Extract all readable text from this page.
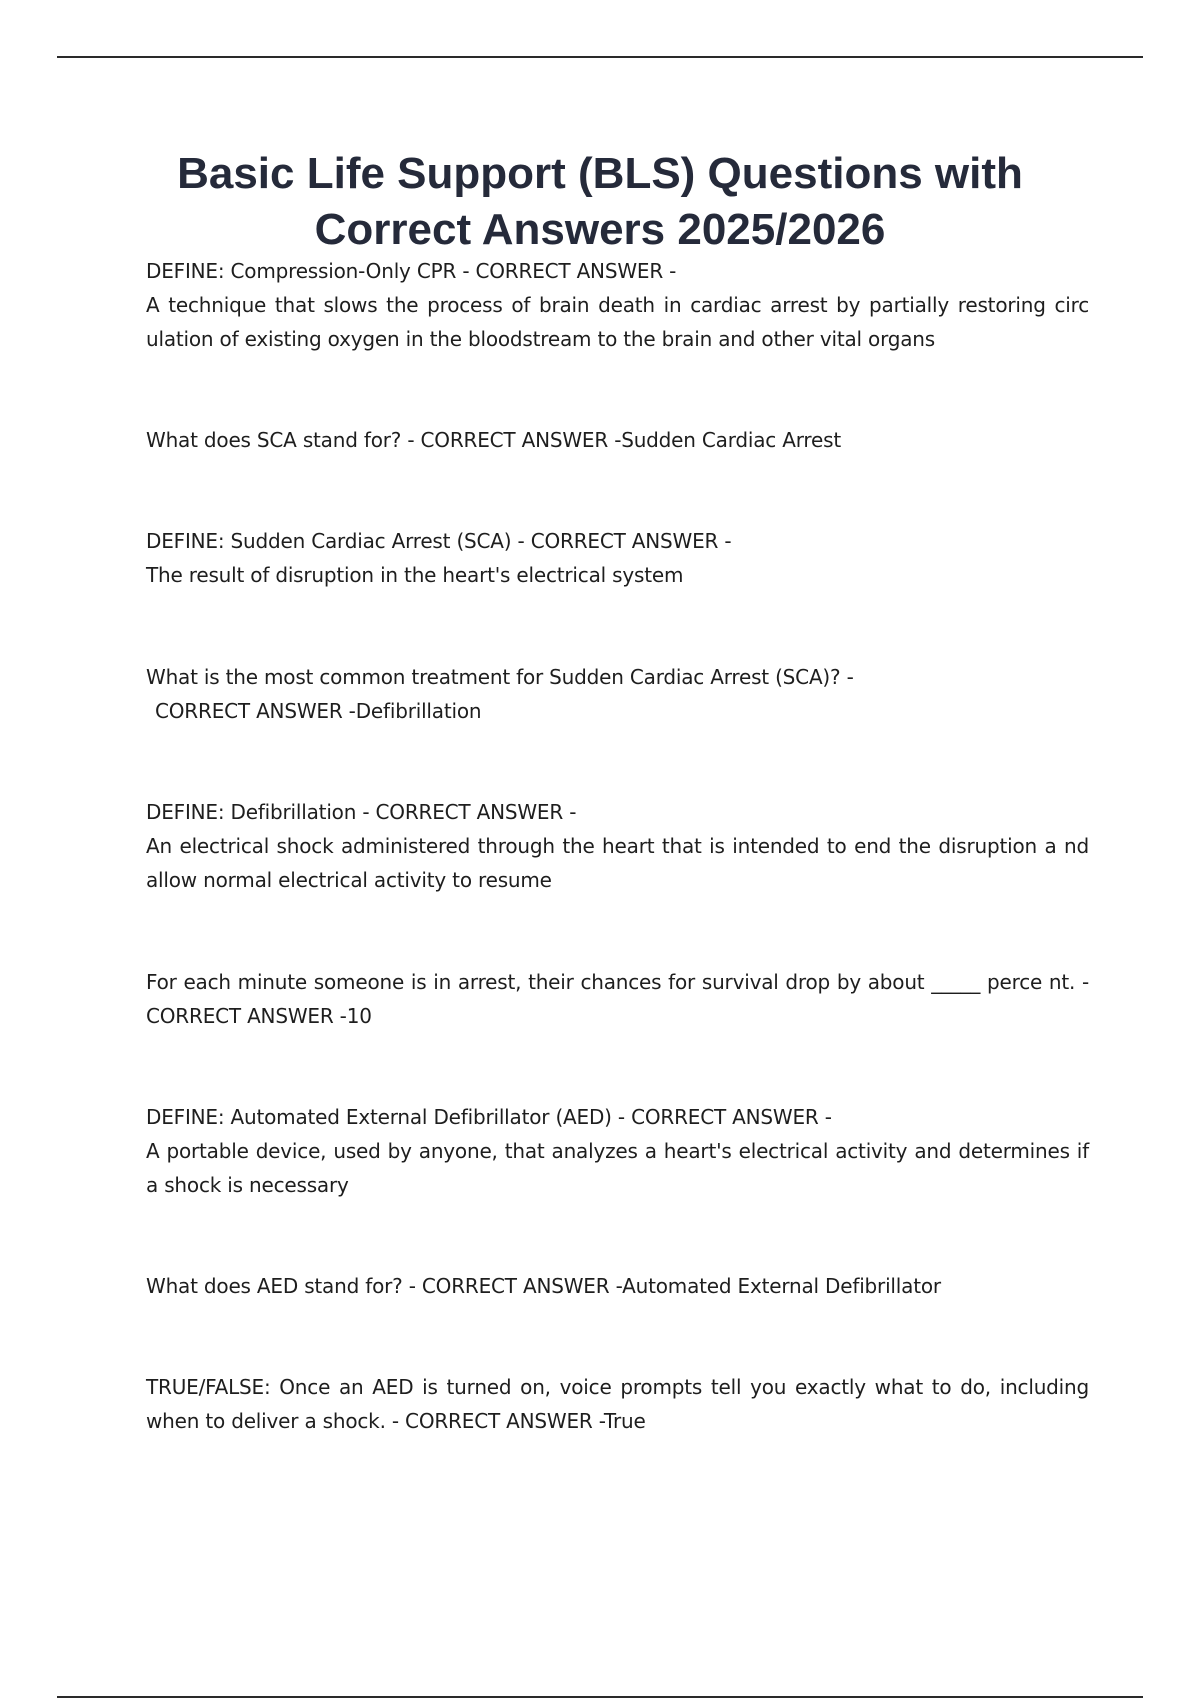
Basic Life Support (BLS) Questions with Correct Answers 2025/2026

DEFINE: Compression-Only CPR - CORRECT ANSWER -

A technique that slows the process of brain death in cardiac arrest by partially restoring circ ulation of existing oxygen in the bloodstream to the brain and other vital organs

What does SCA stand for? - CORRECT ANSWER -Sudden Cardiac Arrest

DEFINE: Sudden Cardiac Arrest (SCA) - CORRECT ANSWER -

The result of disruption in the heart's electrical system

What is the most common treatment for Sudden Cardiac Arrest (SCA)? -

CORRECT ANSWER -Defibrillation

DEFINE: Defibrillation - CORRECT ANSWER -

An electrical shock administered through the heart that is intended to end the disruption a nd allow normal electrical activity to resume

For each minute someone is in arrest, their chances for survival drop by about _____ perce nt. - CORRECT ANSWER -10

DEFINE: Automated External Defibrillator (AED) - CORRECT ANSWER -

A portable device, used by anyone, that analyzes a heart's electrical activity and determines if a shock is necessary

What does AED stand for? - CORRECT ANSWER -Automated External Defibrillator

TRUE/FALSE: Once an AED is turned on, voice prompts tell you exactly what to do, including when to deliver a shock. - CORRECT ANSWER -True
